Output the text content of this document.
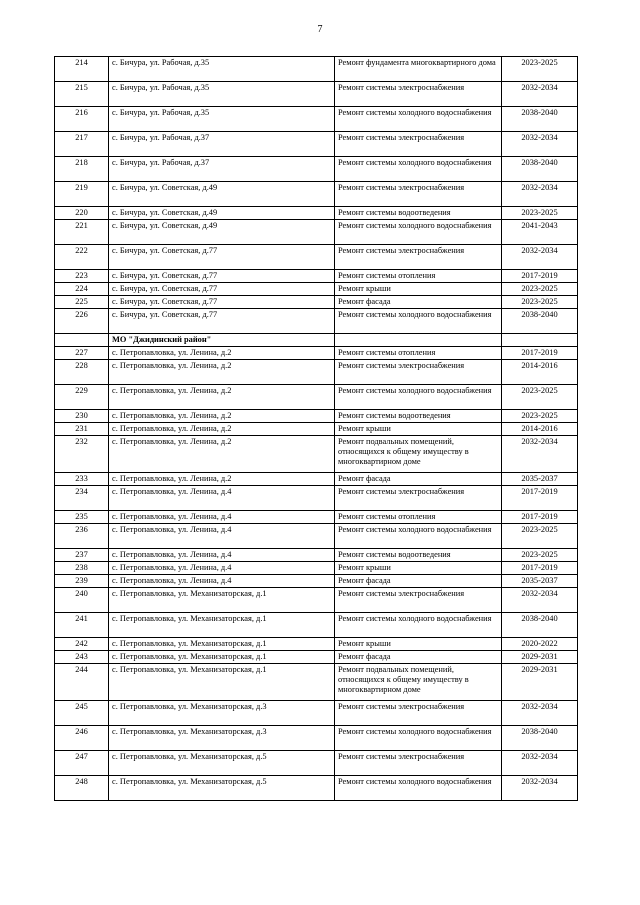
7
214	с. Бичура, ул. Рабочая, д.35	Ремонт фундамента многоквартирного дома	2023-2025
215	с. Бичура, ул. Рабочая, д.35	Ремонт системы электроснабжения	2032-2034
216	с. Бичура, ул. Рабочая, д.35	Ремонт системы холодного водоснабжения	2038-2040
217	с. Бичура, ул. Рабочая, д.37	Ремонт системы электроснабжения	2032-2034
218	с. Бичура, ул. Рабочая, д.37	Ремонт системы холодного водоснабжения	2038-2040
219	с. Бичура, ул. Советская, д.49	Ремонт системы электроснабжения	2032-2034
220	с. Бичура, ул. Советская, д.49	Ремонт системы водоотведения	2023-2025
221	с. Бичура, ул. Советская, д.49	Ремонт системы холодного водоснабжения	2041-2043
222	с. Бичура, ул. Советская, д.77	Ремонт системы электроснабжения	2032-2034
223	с. Бичура, ул. Советская, д.77	Ремонт системы отопления	2017-2019
224	с. Бичура, ул. Советская, д.77	Ремонт крыши	2023-2025
225	с. Бичура, ул. Советская, д.77	Ремонт фасада	2023-2025
226	с. Бичура, ул. Советская, д.77	Ремонт системы холодного водоснабжения	2038-2040
	МО "Джидинский район"		
227	с. Петропавловка, ул. Ленина, д.2	Ремонт системы отопления	2017-2019
228	с. Петропавловка, ул. Ленина, д.2	Ремонт системы электроснабжения	2014-2016
229	с. Петропавловка, ул. Ленина, д.2	Ремонт системы холодного водоснабжения	2023-2025
230	с. Петропавловка, ул. Ленина, д.2	Ремонт системы водоотведения	2023-2025
231	с. Петропавловка, ул. Ленина, д.2	Ремонт крыши	2014-2016
232	с. Петропавловка, ул. Ленина, д.2	Ремонт подвальных помещений, относящихся к общему имуществу в многоквартирном доме	2032-2034
233	с. Петропавловка, ул. Ленина, д.2	Ремонт фасада	2035-2037
234	с. Петропавловка, ул. Ленина, д.4	Ремонт системы электроснабжения	2017-2019
235	с. Петропавловка, ул. Ленина, д.4	Ремонт системы отопления	2017-2019
236	с. Петропавловка, ул. Ленина, д.4	Ремонт системы холодного водоснабжения	2023-2025
237	с. Петропавловка, ул. Ленина, д.4	Ремонт системы водоотведения	2023-2025
238	с. Петропавловка, ул. Ленина, д.4	Ремонт крыши	2017-2019
239	с. Петропавловка, ул. Ленина, д.4	Ремонт фасада	2035-2037
240	с. Петропавловка, ул. Механизаторская, д.1	Ремонт системы электроснабжения	2032-2034
241	с. Петропавловка, ул. Механизаторская, д.1	Ремонт системы холодного водоснабжения	2038-2040
242	с. Петропавловка, ул. Механизаторская, д.1	Ремонт крыши	2020-2022
243	с. Петропавловка, ул. Механизаторская, д.1	Ремонт фасада	2029-2031
244	с. Петропавловка, ул. Механизаторская, д.1	Ремонт подвальных помещений, относящихся к общему имуществу в многоквартирном доме	2029-2031
245	с. Петропавловка, ул. Механизаторская, д.3	Ремонт системы электроснабжения	2032-2034
246	с. Петропавловка, ул. Механизаторская, д.3	Ремонт системы холодного водоснабжения	2038-2040
247	с. Петропавловка, ул. Механизаторская, д.5	Ремонт системы электроснабжения	2032-2034
248	с. Петропавловка, ул. Механизаторская, д.5	Ремонт системы холодного водоснабжения	2032-2034
